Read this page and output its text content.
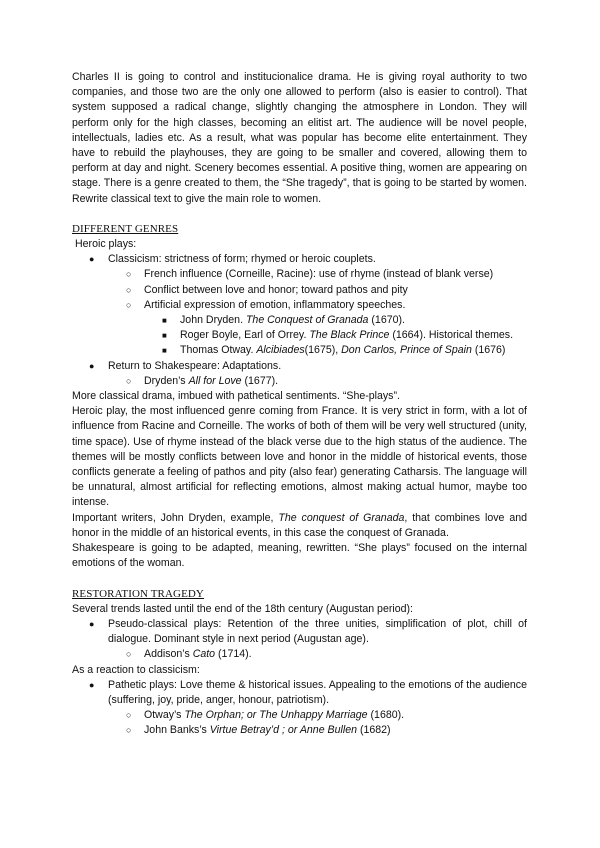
Charles II is going to control and institucionalice drama. He is giving royal authority to two companies, and those two are the only one allowed to perform (also is easier to control). That system supposed a radical change, slightly changing the atmosphere in London. They will perform only for the high classes, becoming an elitist art. The audience will be novel people, intellectuals, ladies etc. As a result, what was popular has become elite entertainment. They have to rebuild the playhouses, they are going to be smaller and covered, allowing them to perform at day and night. Scenery becomes essential. A positive thing, women are appearing on stage. There is a genre created to them, the “She tragedy”, that is going to be started by women. Rewrite classical text to give the main role to women.

DIFFERENT GENRES

Heroic plays:

● Classicism: strictness of form; rhymed or heroic couplets.
○ French influence (Corneille, Racine): use of rhyme (instead of blank verse)
○ Conflict between love and honor; toward pathos and pity
○ Artificial expression of emotion, inflammatory speeches.
■ John Dryden. The Conquest of Granada (1670).
■ Roger Boyle, Earl of Orrey. The Black Prince (1664). Historical themes.
■ Thomas Otway. Alcibiades(1675), Don Carlos, Prince of Spain (1676)
● Return to Shakespeare: Adaptations.
○ Dryden’s All for Love (1677).

More classical drama, imbued with pathetical sentiments. “She-plays”.

Heroic play, the most influenced genre coming from France. It is very strict in form, with a lot of influence from Racine and Corneille. The works of both of them will be very well structured (unity, time space). Use of rhyme instead of the black verse due to the high status of the audience. The themes will be mostly conflicts between love and honor in the middle of historical events, those conflicts generate a feeling of pathos and pity (also fear) generating Catharsis. The language will be unnatural, almost artificial for reflecting emotions, almost making actual humor, maybe too intense.

Important writers, John Dryden, example, The conquest of Granada, that combines love and honor in the middle of an historical events, in this case the conquest of Granada.

Shakespeare is going to be adapted, meaning, rewritten. “She plays” focused on the internal emotions of the woman.

RESTORATION TRAGEDY

Several trends lasted until the end of the 18th century (Augustan period):

● Pseudo-classical plays: Retention of the three unities, simplification of plot, chill of dialogue. Dominant style in next period (Augustan age).
○ Addison’s Cato (1714).

As a reaction to classicism:

● Pathetic plays: Love theme & historical issues. Appealing to the emotions of the audience (suffering, joy, pride, anger, honour, patriotism).
○ Otway’s The Orphan; or The Unhappy Marriage (1680).
○ John Banks’s Virtue Betray’d ; or Anne Bullen (1682)
